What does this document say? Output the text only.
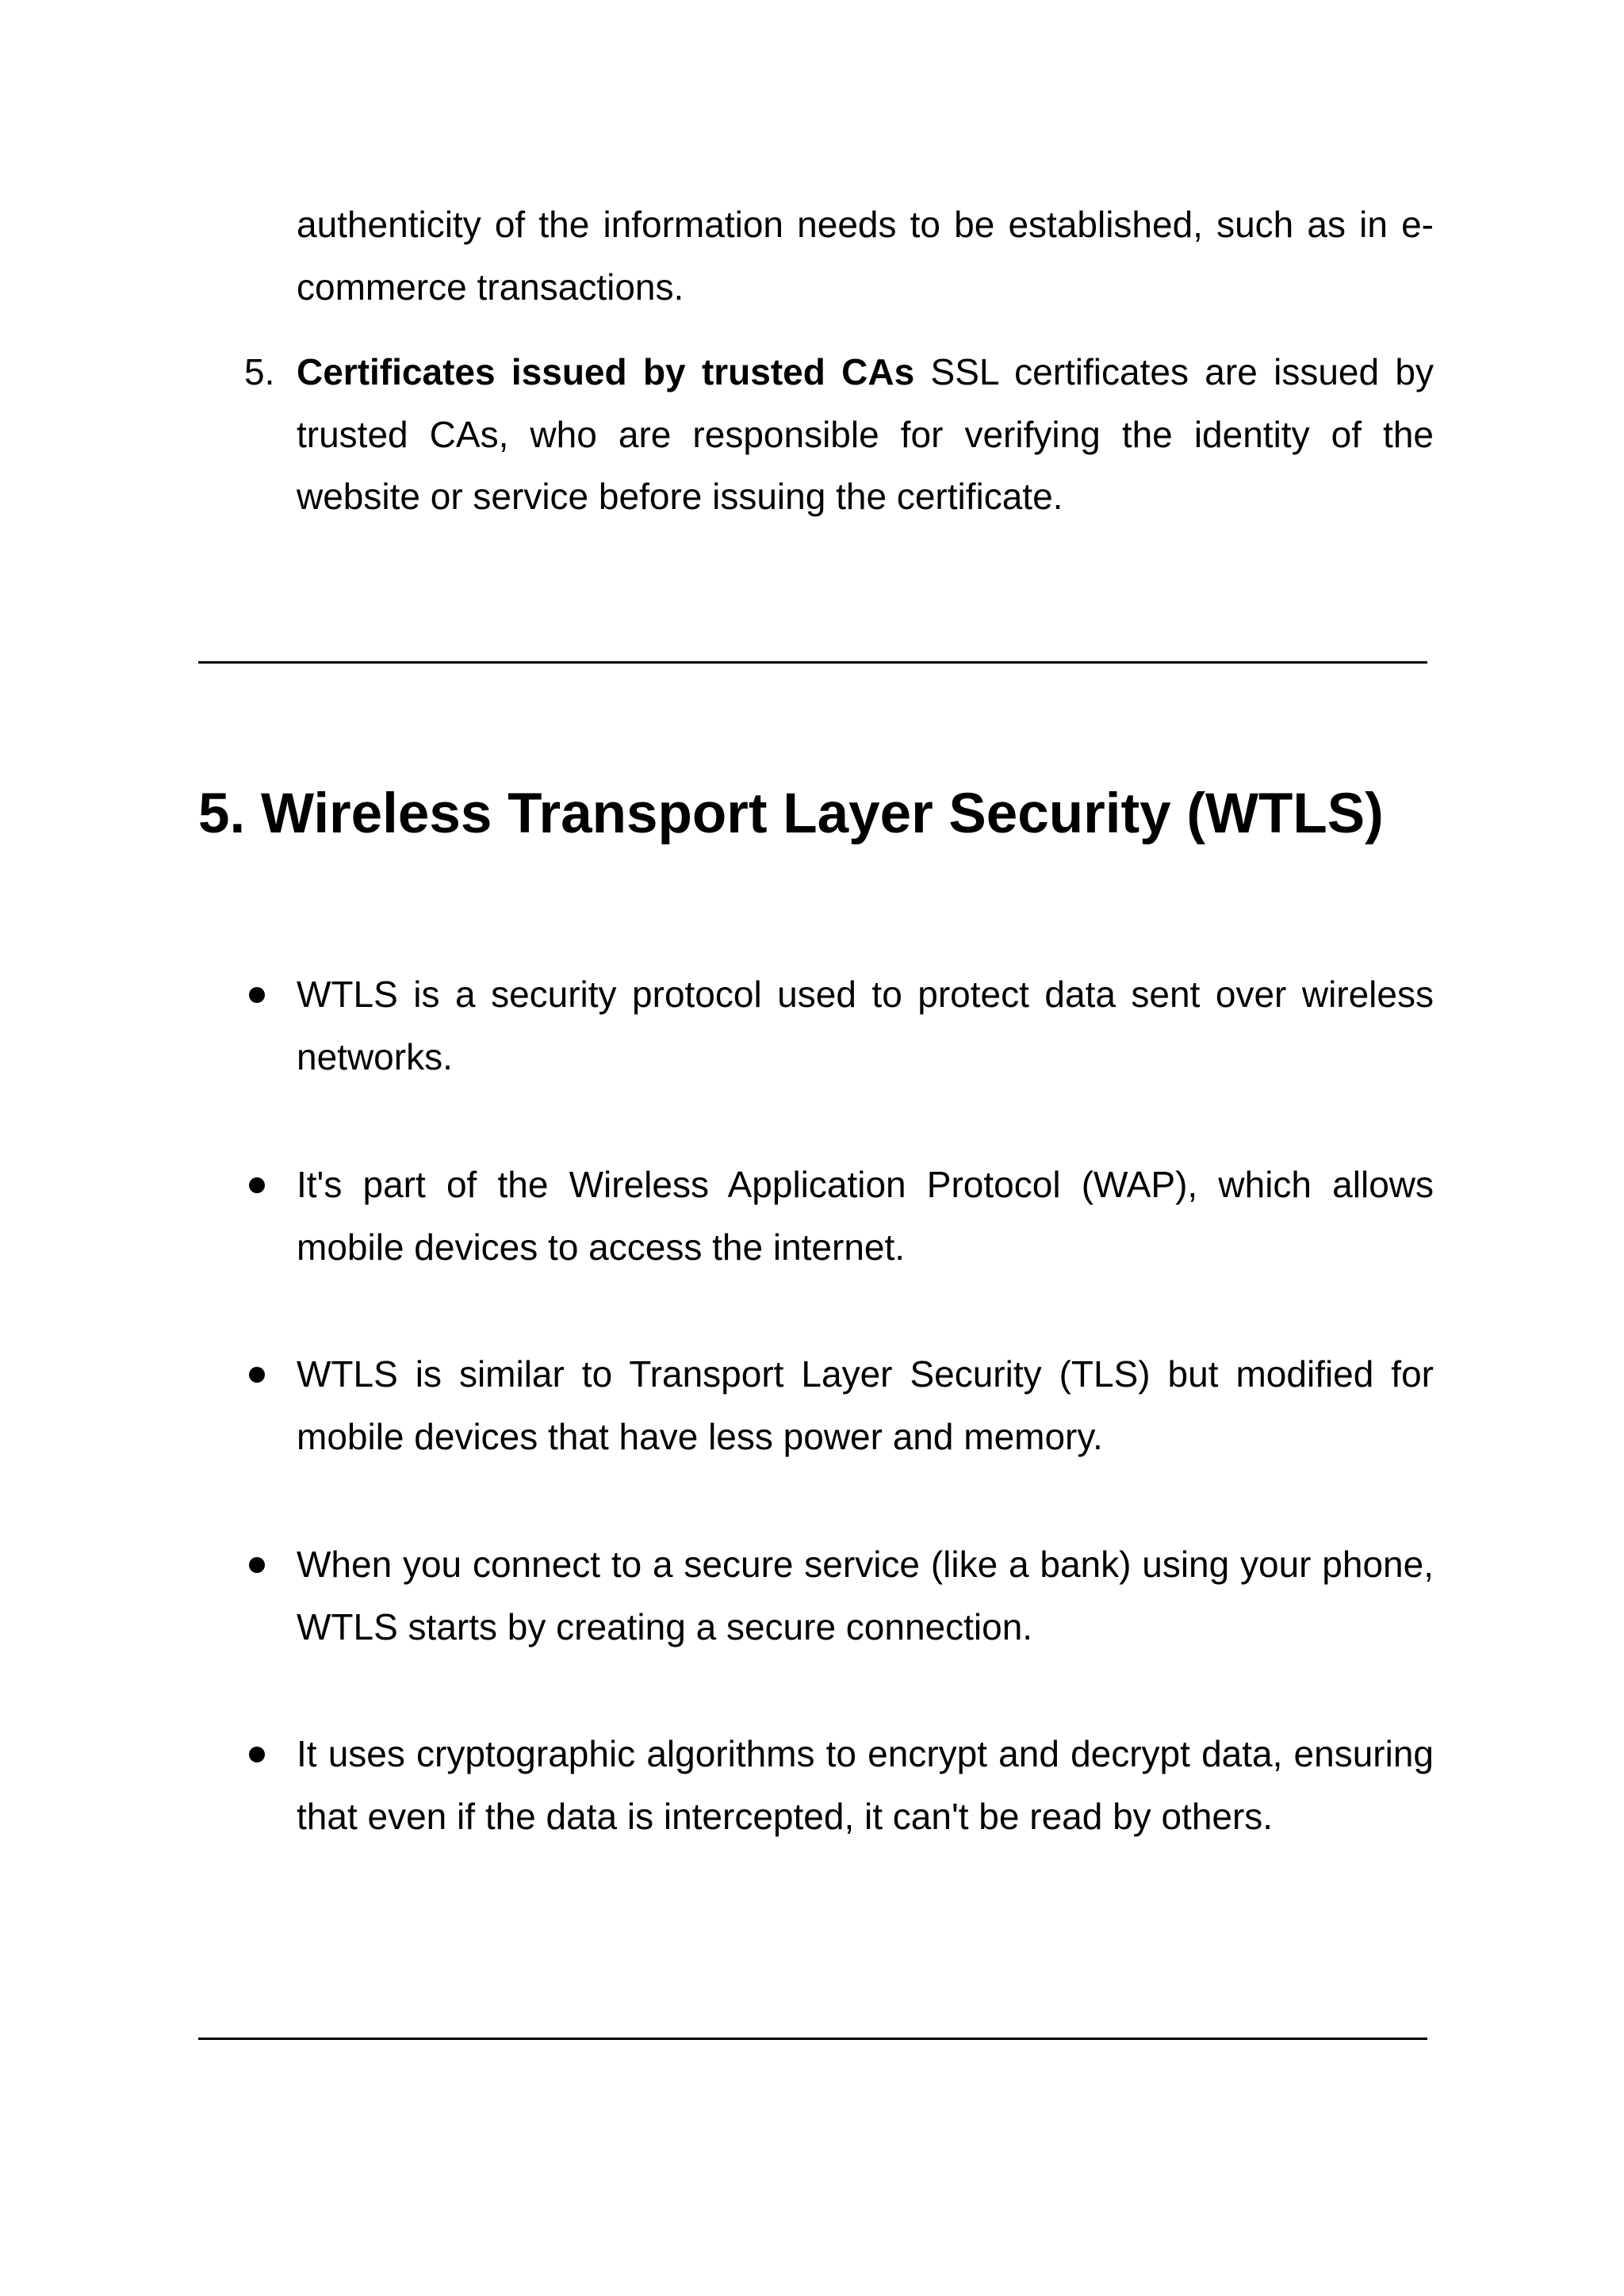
authenticity of the information needs to be established, such as in e-commerce transactions.

5. Certificates issued by trusted CAs SSL certificates are issued by trusted CAs, who are responsible for verifying the identity of the website or service before issuing the certificate.

5. Wireless Transport Layer Security (WTLS)

WTLS is a security protocol used to protect data sent over wireless networks.

It's part of the Wireless Application Protocol (WAP), which allows mobile devices to access the internet.

WTLS is similar to Transport Layer Security (TLS) but modified for mobile devices that have less power and memory.

When you connect to a secure service (like a bank) using your phone, WTLS starts by creating a secure connection.

It uses cryptographic algorithms to encrypt and decrypt data, ensuring that even if the data is intercepted, it can't be read by others.
